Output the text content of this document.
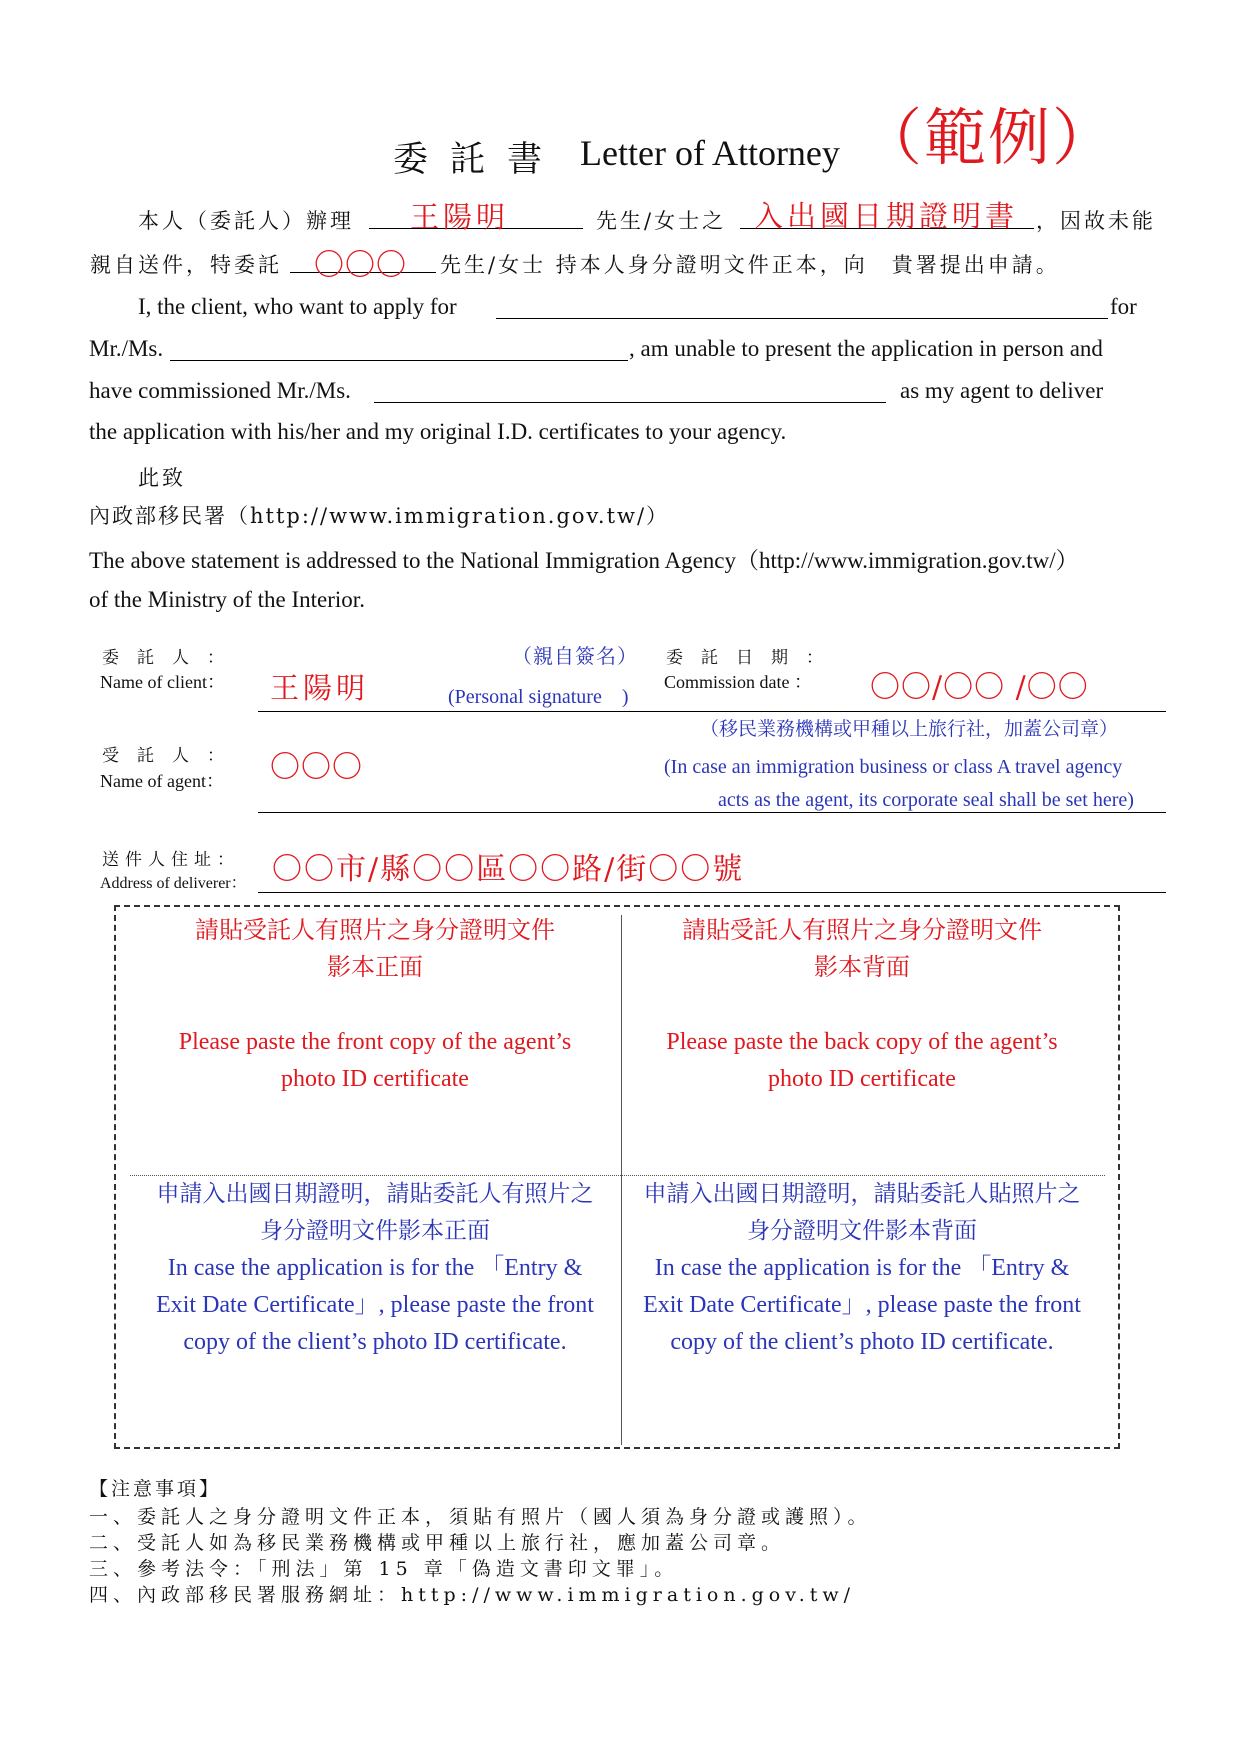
委託書 Letter of Attorney （範例）
本人（委託人）辦理 王陽明	先生/女士之 入出國日期證明書 ，因故未能
親自送件，特委託 〇〇〇 先生/女士 持本人身分證明文件正本，向　貴署提出申請。
I, the client, who want to apply for	for
Mr./Ms.	, am unable to present the application in person and
have commissioned Mr./Ms.	as my agent to deliver
the application with his/her and my original I.D. certificates to your agency.
此致
內政部移民署（http://www.immigration.gov.tw/）
The above statement is addressed to the National Immigration Agency（http://www.immigration.gov.tw/）
of the Ministry of the Interior.
委託人：
Name of client： 王陽明
（親自簽名）
(Personal signature　)
委託日期：
Commission date ： 〇〇/〇〇 /〇〇
（移民業務機構或甲種以上旅行社，加蓋公司章）
受託人：
Name of agent： 〇〇〇	(In case an immigration business or class A travel agency
acts as the agent, its corporate seal shall be set here)
送件人住址：
Address of deliverer： 〇〇市/縣〇〇區〇〇路/街〇〇號
請貼受託人有照片之身分證明文件
影本正面
Please paste the front copy of the agent’s
photo ID certificate
請貼受託人有照片之身分證明文件
影本背面
Please paste the back copy of the agent’s
photo ID certificate
申請入出國日期證明，請貼委託人有照片之
身分證明文件影本正面
In case the application is for the 「Entry &
Exit Date Certificate」, please paste the front
copy of the client’s photo ID certificate.
申請入出國日期證明，請貼委託人貼照片之
身分證明文件影本背面
In case the application is for the 「Entry &
Exit Date Certificate」, please paste the front
copy of the client’s photo ID certificate.
【注意事項】
一、委託人之身分證明文件正本，須貼有照片（國人須為身分證或護照）。
二、受託人如為移民業務機構或甲種以上旅行社，應加蓋公司章。
三、參考法令：「刑法」第 15 章「偽造文書印文罪」。
四、內政部移民署服務網址：http://www.immigration.gov.tw/
